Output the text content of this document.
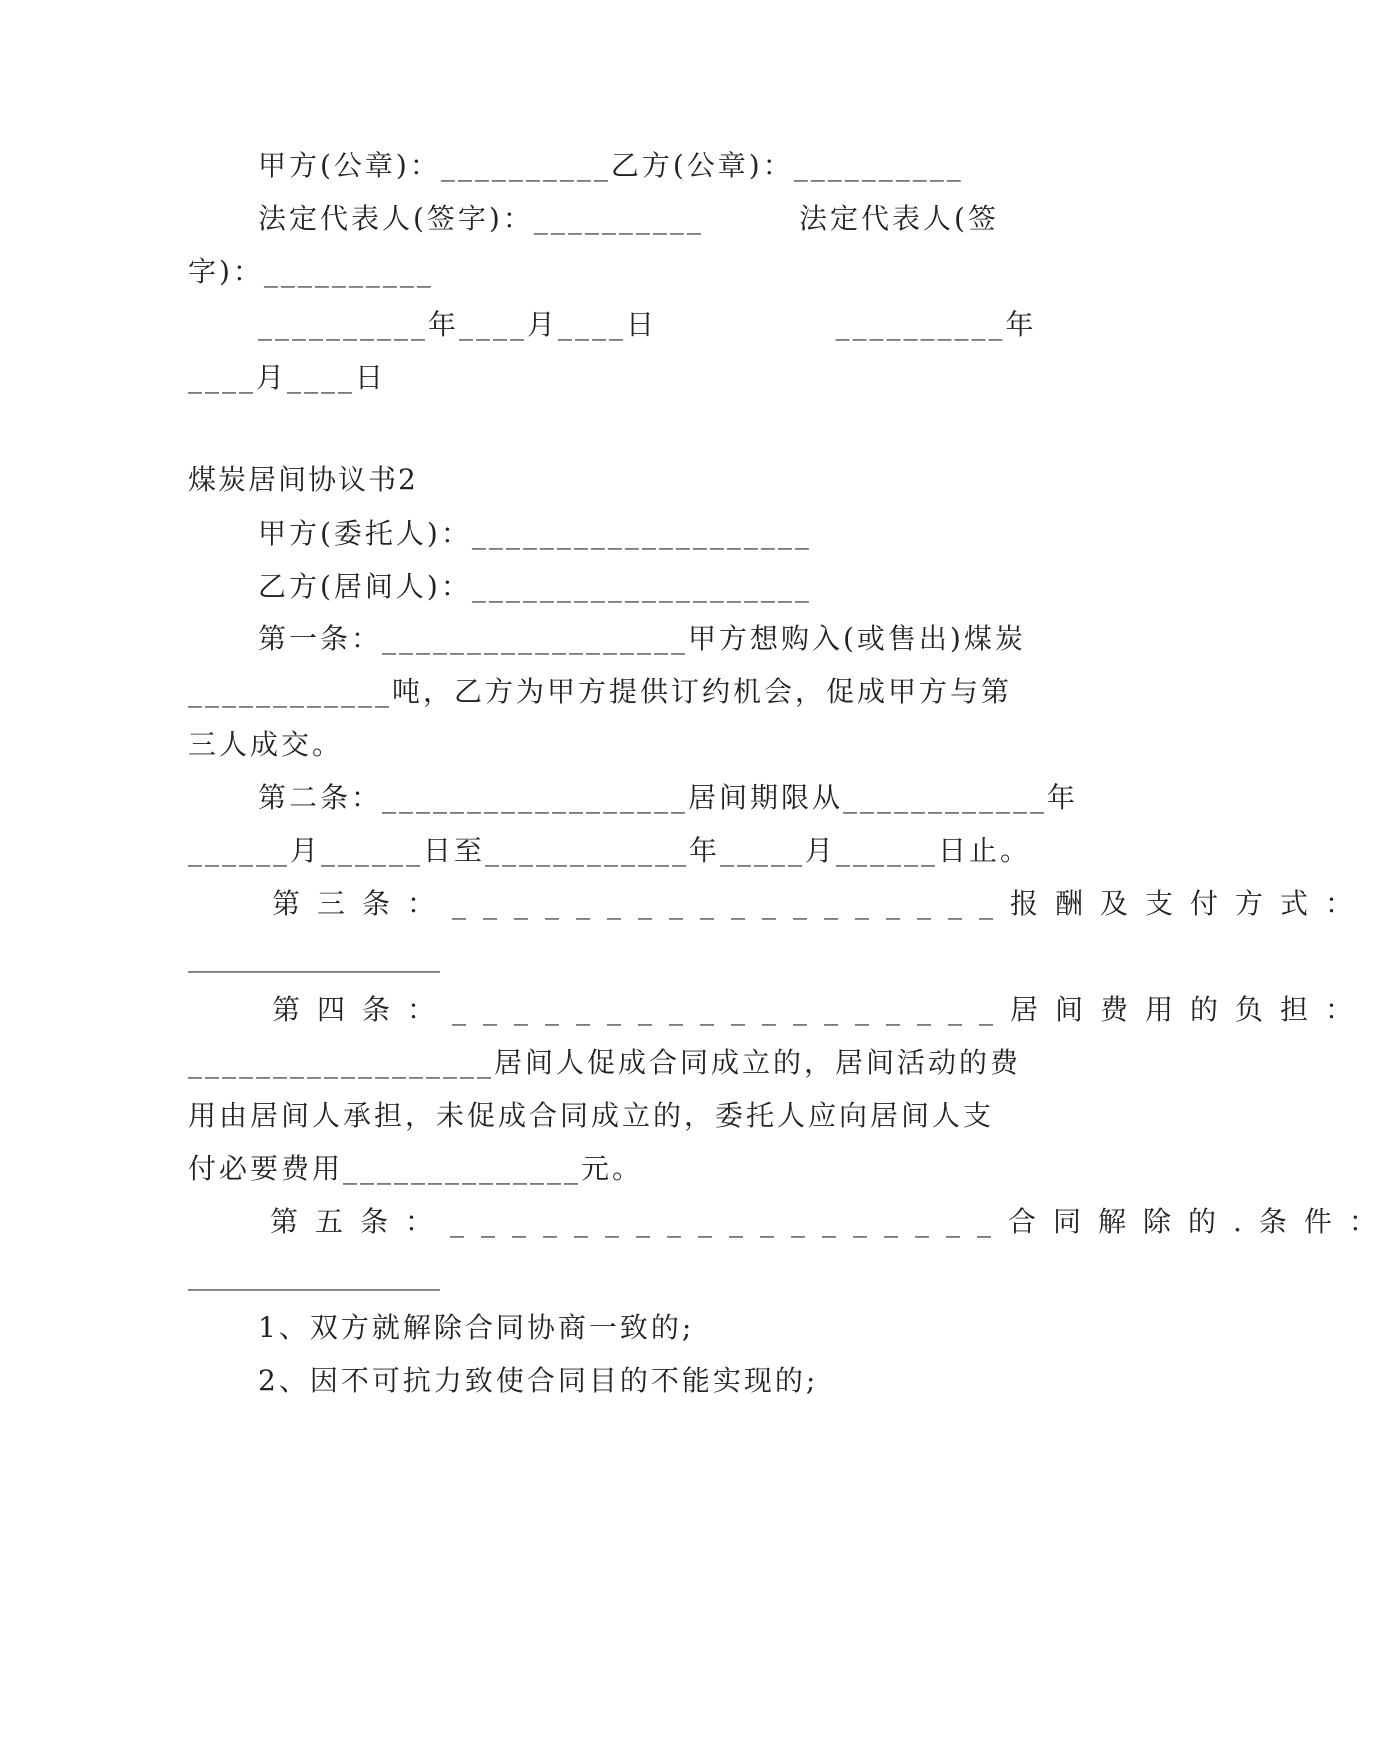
甲方(公章)：__________乙方(公章)：__________
法定代表人(签字)：__________        法定代表人(签
字)：__________
__________年____月____日               __________年
____月____日
煤炭居间协议书2
甲方(委托人)：____________________
乙方(居间人)：____________________
第一条：__________________甲方想购入(或售出)煤炭
____________吨，乙方为甲方提供订约机会，促成甲方与第
三人成交。
第二条：__________________居间期限从____________年
______月______日至____________年_____月______日止。
第三条：__________________报酬及支付方式：
__________________
第四条：__________________居间费用的负担：
__________________居间人促成合同成立的，居间活动的费
用由居间人承担，未促成合同成立的，委托人应向居间人支
付必要费用______________元。
第五条：__________________合同解除的.条件：
__________________
1、双方就解除合同协商一致的;
2、因不可抗力致使合同目的不能实现的;
